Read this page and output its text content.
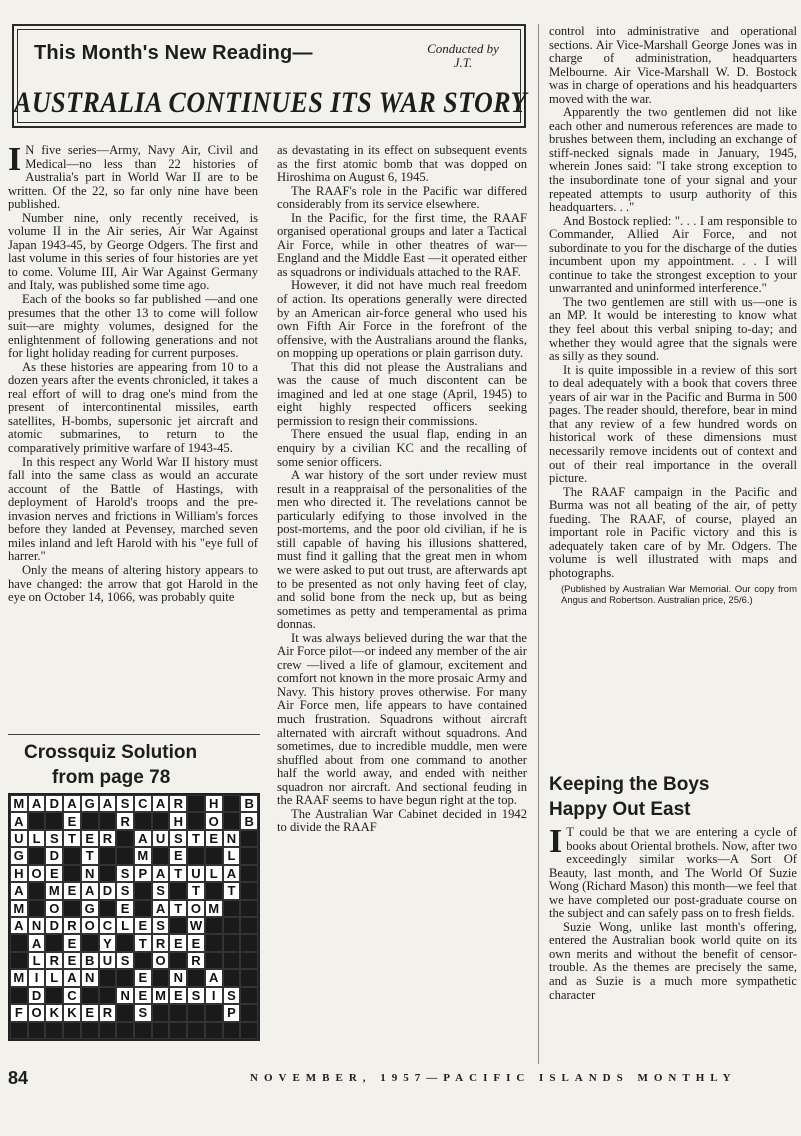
This Month's New Reading—	Conducted by J.T.
AUSTRALIA CONTINUES ITS WAR STORY

I N five series—Army, Navy Air, Civil and Medical—no less than 22 histories of Australia's part in World War II are to be written. Of the 22, so far only nine have been published.

Number nine, only recently received, is volume II in the Air series, Air War Against Japan 1943-45, by George Odgers. The first and last volume in this series of four histories are yet to come. Volume III, Air War Against Germany and Italy, was published some time ago.

Each of the books so far published —and one presumes that the other 13 to come will follow suit—are mighty volumes, designed for the enlightenment of following generations and not for light holiday reading for current purposes.

As these histories are appearing from 10 to a dozen years after the events chronicled, it takes a real effort of will to drag one's mind from the present of intercontinental missiles, earth satellites, H-bombs, supersonic jet aircraft and atomic submarines, to return to the comparatively primitive warfare of 1943-45.

In this respect any World War II history must fall into the same class as would an accurate account of the Battle of Hastings, with deployment of Harold's troops and the pre-invasion nerves and frictions in William's forces before they landed at Pevensey, marched seven miles inland and left Harold with his "eye full of harrer."

Only the means of altering history appears to have changed: the arrow that got Harold in the eye on October 14, 1066, was probably quite

Crossquiz Solution
from page 78
M A D A G A S C A R	H	B
A	E	R	H	O	B
U L S T E R	A U S T E N
G	D	T	M	E	L
H O E	N	S P A T U L A
A	M E A D S	S	T	T
M O G	E	A T O M
A N D R O C L E S	W
A	E	Y	T R E E
L R E B U S	O	R
M I L A N	E	N	A
D	C	N E M E S I S
F O K K E R	S	P

as devastating in its effect on subsequent events as the first atomic bomb that was dopped on Hiroshima on August 6, 1945.

The RAAF's role in the Pacific war differed considerably from its service elsewhere.

In the Pacific, for the first time, the RAAF organised operational groups and later a Tactical Air Force, while in other theatres of war—England and the Middle East —it operated either as squadrons or individuals attached to the RAF.

However, it did not have much real freedom of action. Its operations generally were directed by an American air-force general who used his own Fifth Air Force in the forefront of the offensive, with the Australians around the flanks, on mopping up operations or plain garrison duty.

That this did not please the Australians and was the cause of much discontent can be imagined and led at one stage (April, 1945) to eight highly respected officers seeking permission to resign their commissions.

There ensued the usual flap, ending in an enquiry by a civilian KC and the recalling of some senior officers.

A war history of the sort under review must result in a reappraisal of the personalities of the men who directed it. The revelations cannot be particularly edifying to those involved in the post-mortems, and the poor old civilian, if he is still capable of having his illusions shattered, must find it galling that the great men in whom we were asked to put out trust, are afterwards apt to be presented as not only having feet of clay, and solid bone from the neck up, but as being sometimes as petty and temperamental as prima donnas.

It was always believed during the war that the Air Force pilot—or indeed any member of the air crew —lived a life of glamour, excitement and comfort not known in the more prosaic Army and Navy. This history proves otherwise. For many Air Force men, life appears to have contained much frustration. Squadrons without aircraft alternated with aircraft without squadrons. And sometimes, due to incredible muddle, men were shuffled about from one command to another half the world away, and ended with neither squadron nor aircraft. And sectional feuding in the RAAF seems to have begun right at the top.

The Australian War Cabinet decided in 1942 to divide the RAAF

control into administrative and operational sections. Air Vice-Marshall George Jones was in charge of administration, headquarters Melbourne. Air Vice-Marshall W. D. Bostock was in charge of operations and his headquarters moved with the war.

Apparently the two gentlemen did not like each other and numerous references are made to brushes between them, including an exchange of stiff-necked signals made in January, 1945, wherein Jones said: "I take strong exception to the insubordinate tone of your signal and your repeated attempts to usurp authority of this headquarters. . ."

And Bostock replied: ". . . I am responsible to Commander, Allied Air Force, and not subordinate to you for the discharge of the duties incumbent upon my appointment. . . I will continue to take the strongest exception to your unwarranted and uninformed interference."

The two gentlemen are still with us—one is an MP. It would be interesting to know what they feel about this verbal sniping to-day; and whether they would agree that the signals were as silly as they sound.

It is quite impossible in a review of this sort to deal adequately with a book that covers three years of air war in the Pacific and Burma in 500 pages. The reader should, therefore, bear in mind that any review of a few hundred words on historical work of these dimensions must necessarily remove incidents out of context and out of their real importance in the overall picture.

The RAAF campaign in the Pacific and Burma was not all beating of the air, of petty fueding. The RAAF, of course, played an important role in Pacific victory and this is adequately taken care of by Mr. Odgers. The volume is well illustrated with maps and photographs.

(Published by Australian War Memorial. Our copy from Angus and Robertson. Australian price, 25/6.)

Keeping the Boys
Happy Out East

I T could be that we are entering a cycle of books about Oriental brothels. Now, after two exceedingly similar works—A Sort Of Beauty, last month, and The World Of Suzie Wong (Richard Mason) this month—we feel that we have completed our post-graduate course on the subject and can safely pass on to fresh fields.

Suzie Wong, unlike last month's offering, entered the Australian book world quite on its own merits and without the benefit of censor-trouble. As the themes are precisely the same, and as Suzie is a much more sympathetic character

84	NOVEMBER, 1957—PACIFIC ISLANDS MONTHLY
